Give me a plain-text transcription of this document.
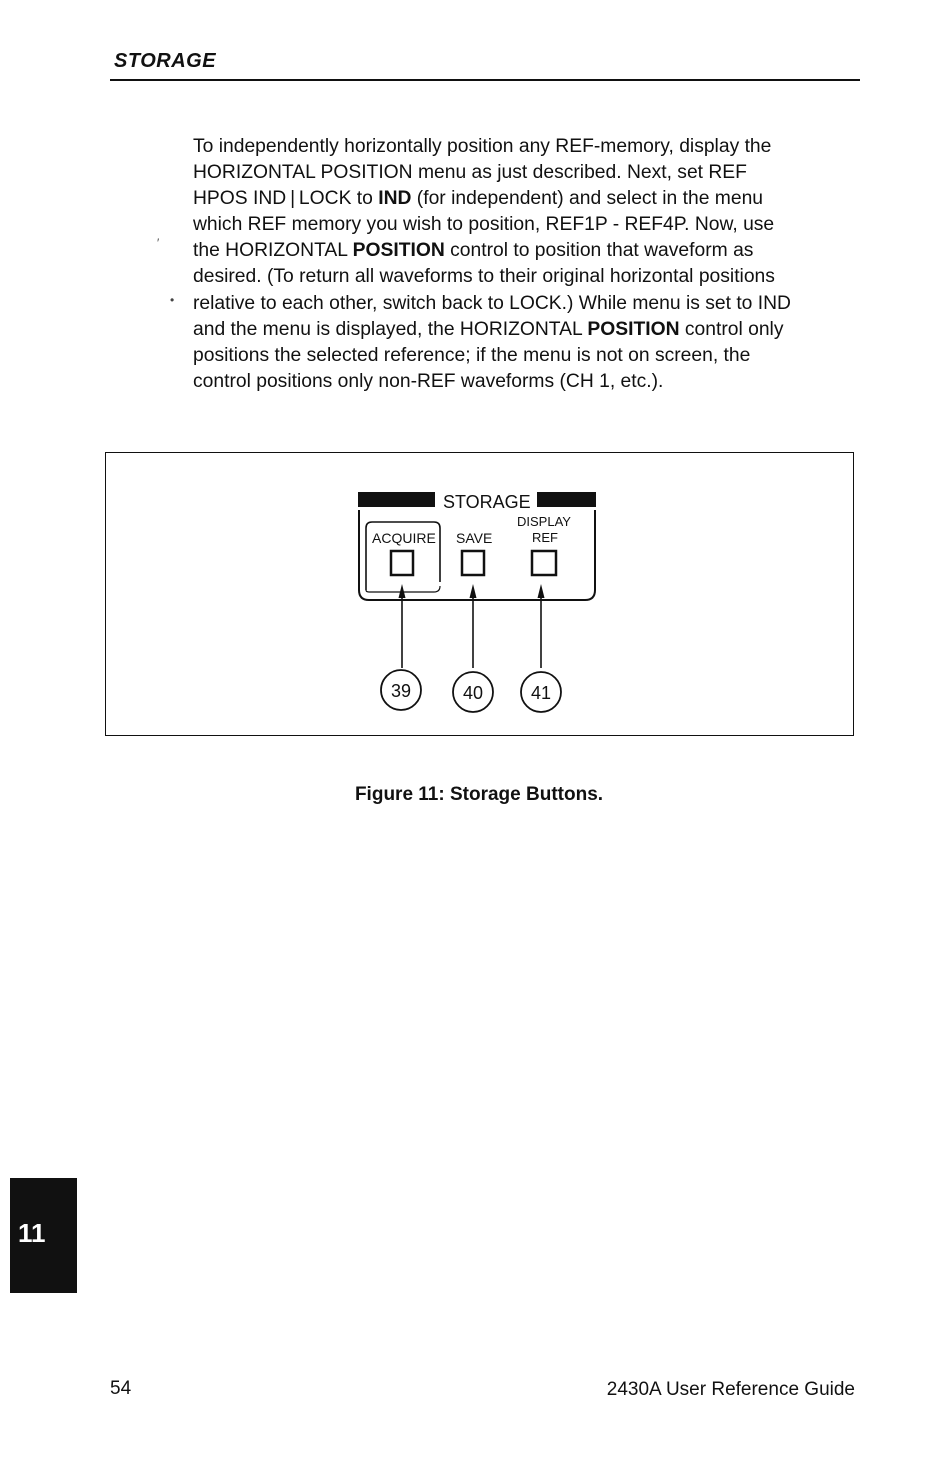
STORAGE
′
•

To independently horizontally position any REF-memory, display the
HORIZONTAL POSITION menu as just described. Next, set REF
HPOS IND | LOCK to IND (for independent) and select in the menu
which REF memory you wish to position, REF1P - REF4P. Now, use
the HORIZONTAL POSITION control to position that waveform as
desired. (To return all waveforms to their original horizontal positions
relative to each other, switch back to LOCK.) While menu is set to IND
and the menu is displayed, the HORIZONTAL POSITION control only
positions the selected reference; if the menu is not on screen, the
control positions only non-REF waveforms (CH 1, etc.).

STORAGE
DISPLAY
ACQUIRE SAVE	REF
39	40	41
Figure 11: Storage Buttons.
11
54	2430A User Reference Guide
